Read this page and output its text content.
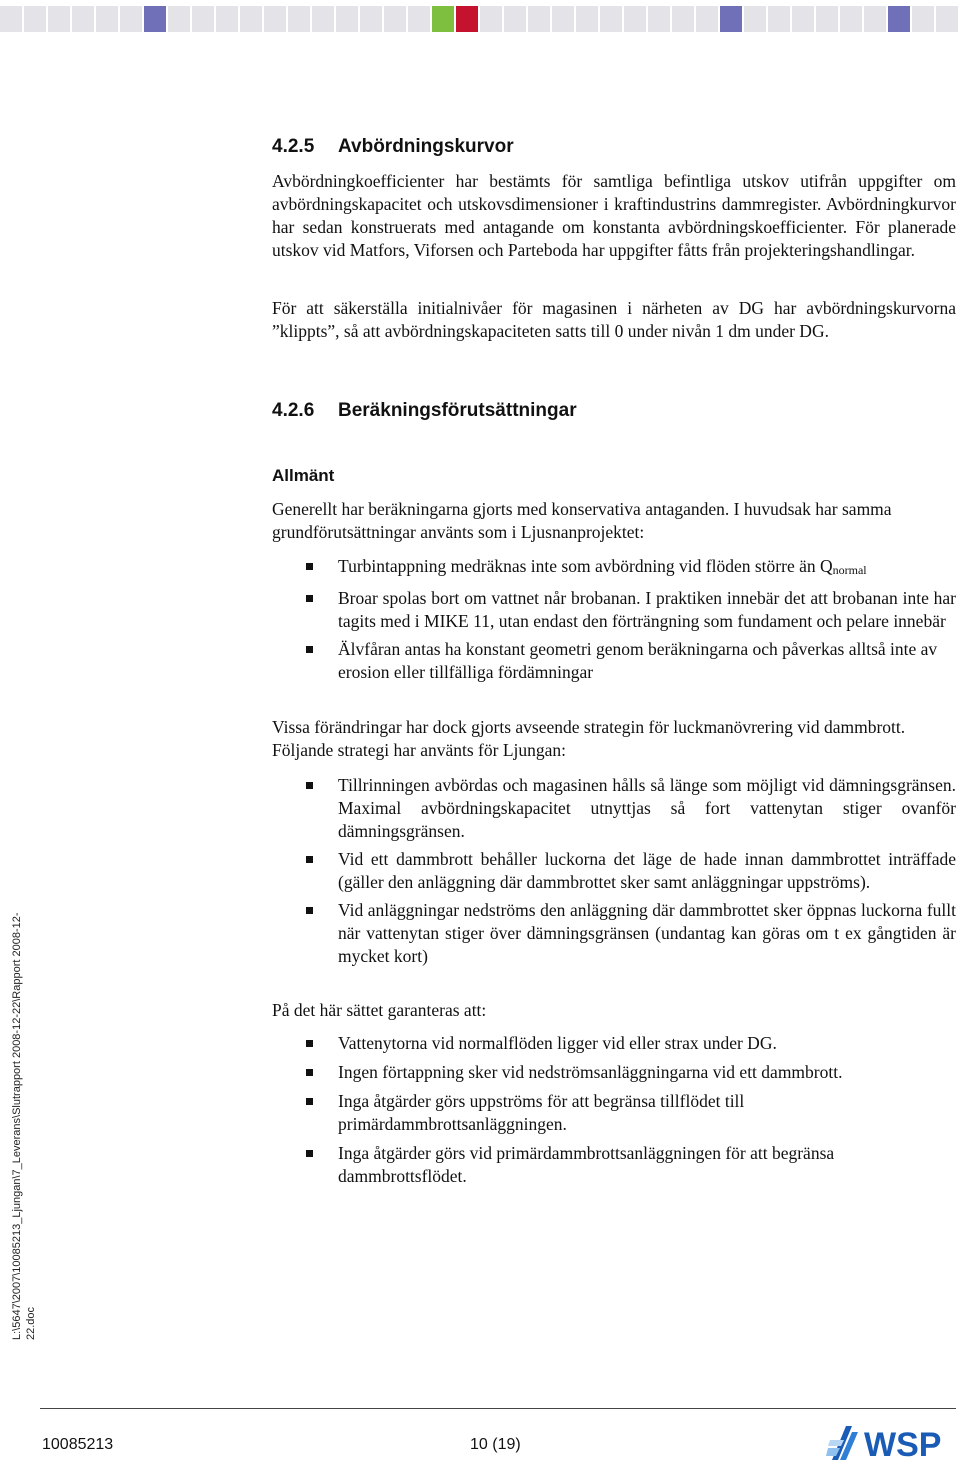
4.2.5 Avbördningskurvor

Avbördningkoefficienter har bestämts för samtliga befintliga utskov utifrån uppgifter om avbördningskapacitet och utskovsdimensioner i kraftindustrins dammregister. Avbördningkurvor har sedan konstruerats med antagande om konstanta avbördningskoefficienter. För planerade utskov vid Matfors, Viforsen och Parteboda har uppgifter fåtts från projekteringshandlingar.

För att säkerställa initialnivåer för magasinen i närheten av DG har avbördningskurvorna ”klippts”, så att avbördningskapaciteten satts till 0 under nivån 1 dm under DG.

4.2.6 Beräkningsförutsättningar
Allmänt

Generellt har beräkningarna gjorts med konservativa antaganden. I huvudsak har samma grundförutsättningar använts som i Ljusnanprojektet:

Turbintappning medräknas inte som avbördning vid flöden större än $Q_{normal}$
Broar spolas bort om vattnet når brobanan. I praktiken innebär det att brobanan inte har tagits med i MIKE 11, utan endast den förträngning som fundament och pelare innebär
Älvfåran antas ha konstant geometri genom beräkningarna och påverkas alltså inte av erosion eller tillfälliga fördämningar

Vissa förändringar har dock gjorts avseende strategin för luckmanövrering vid dammbrott. Följande strategi har använts för Ljungan:

Tillrinningen avbördas och magasinen hålls så länge som möjligt vid dämningsgränsen. Maximal avbördningskapacitet utnyttjas så fort vattenytan stiger ovanför dämningsgränsen.
Vid ett dammbrott behåller luckorna det läge de hade innan dammbrottet inträffade (gäller den anläggning där dammbrottet sker samt anläggningar uppströms).
Vid anläggningar nedströms den anläggning där dammbrottet sker öppnas luckorna fullt när vattenytan stiger över dämningsgränsen (undantag kan göras om t ex gångtiden är mycket kort)

På det här sättet garanteras att:

Vattenytorna vid normalflöden ligger vid eller strax under DG.
Ingen förtappning sker vid nedströmsanläggningarna vid ett dammbrott.
Inga åtgärder görs uppströms för att begränsa tillflödet till primärdammbrottsanläggningen.
Inga åtgärder görs vid primärdammbrottsanläggningen för att begränsa dammbrottsflödet.
L:\5647\2007\10085213_Ljungan\7_Leverans\Slutrapport 2008-12-22\Rapport 2008-12-22.doc
10085213	10 (19)	WSP
